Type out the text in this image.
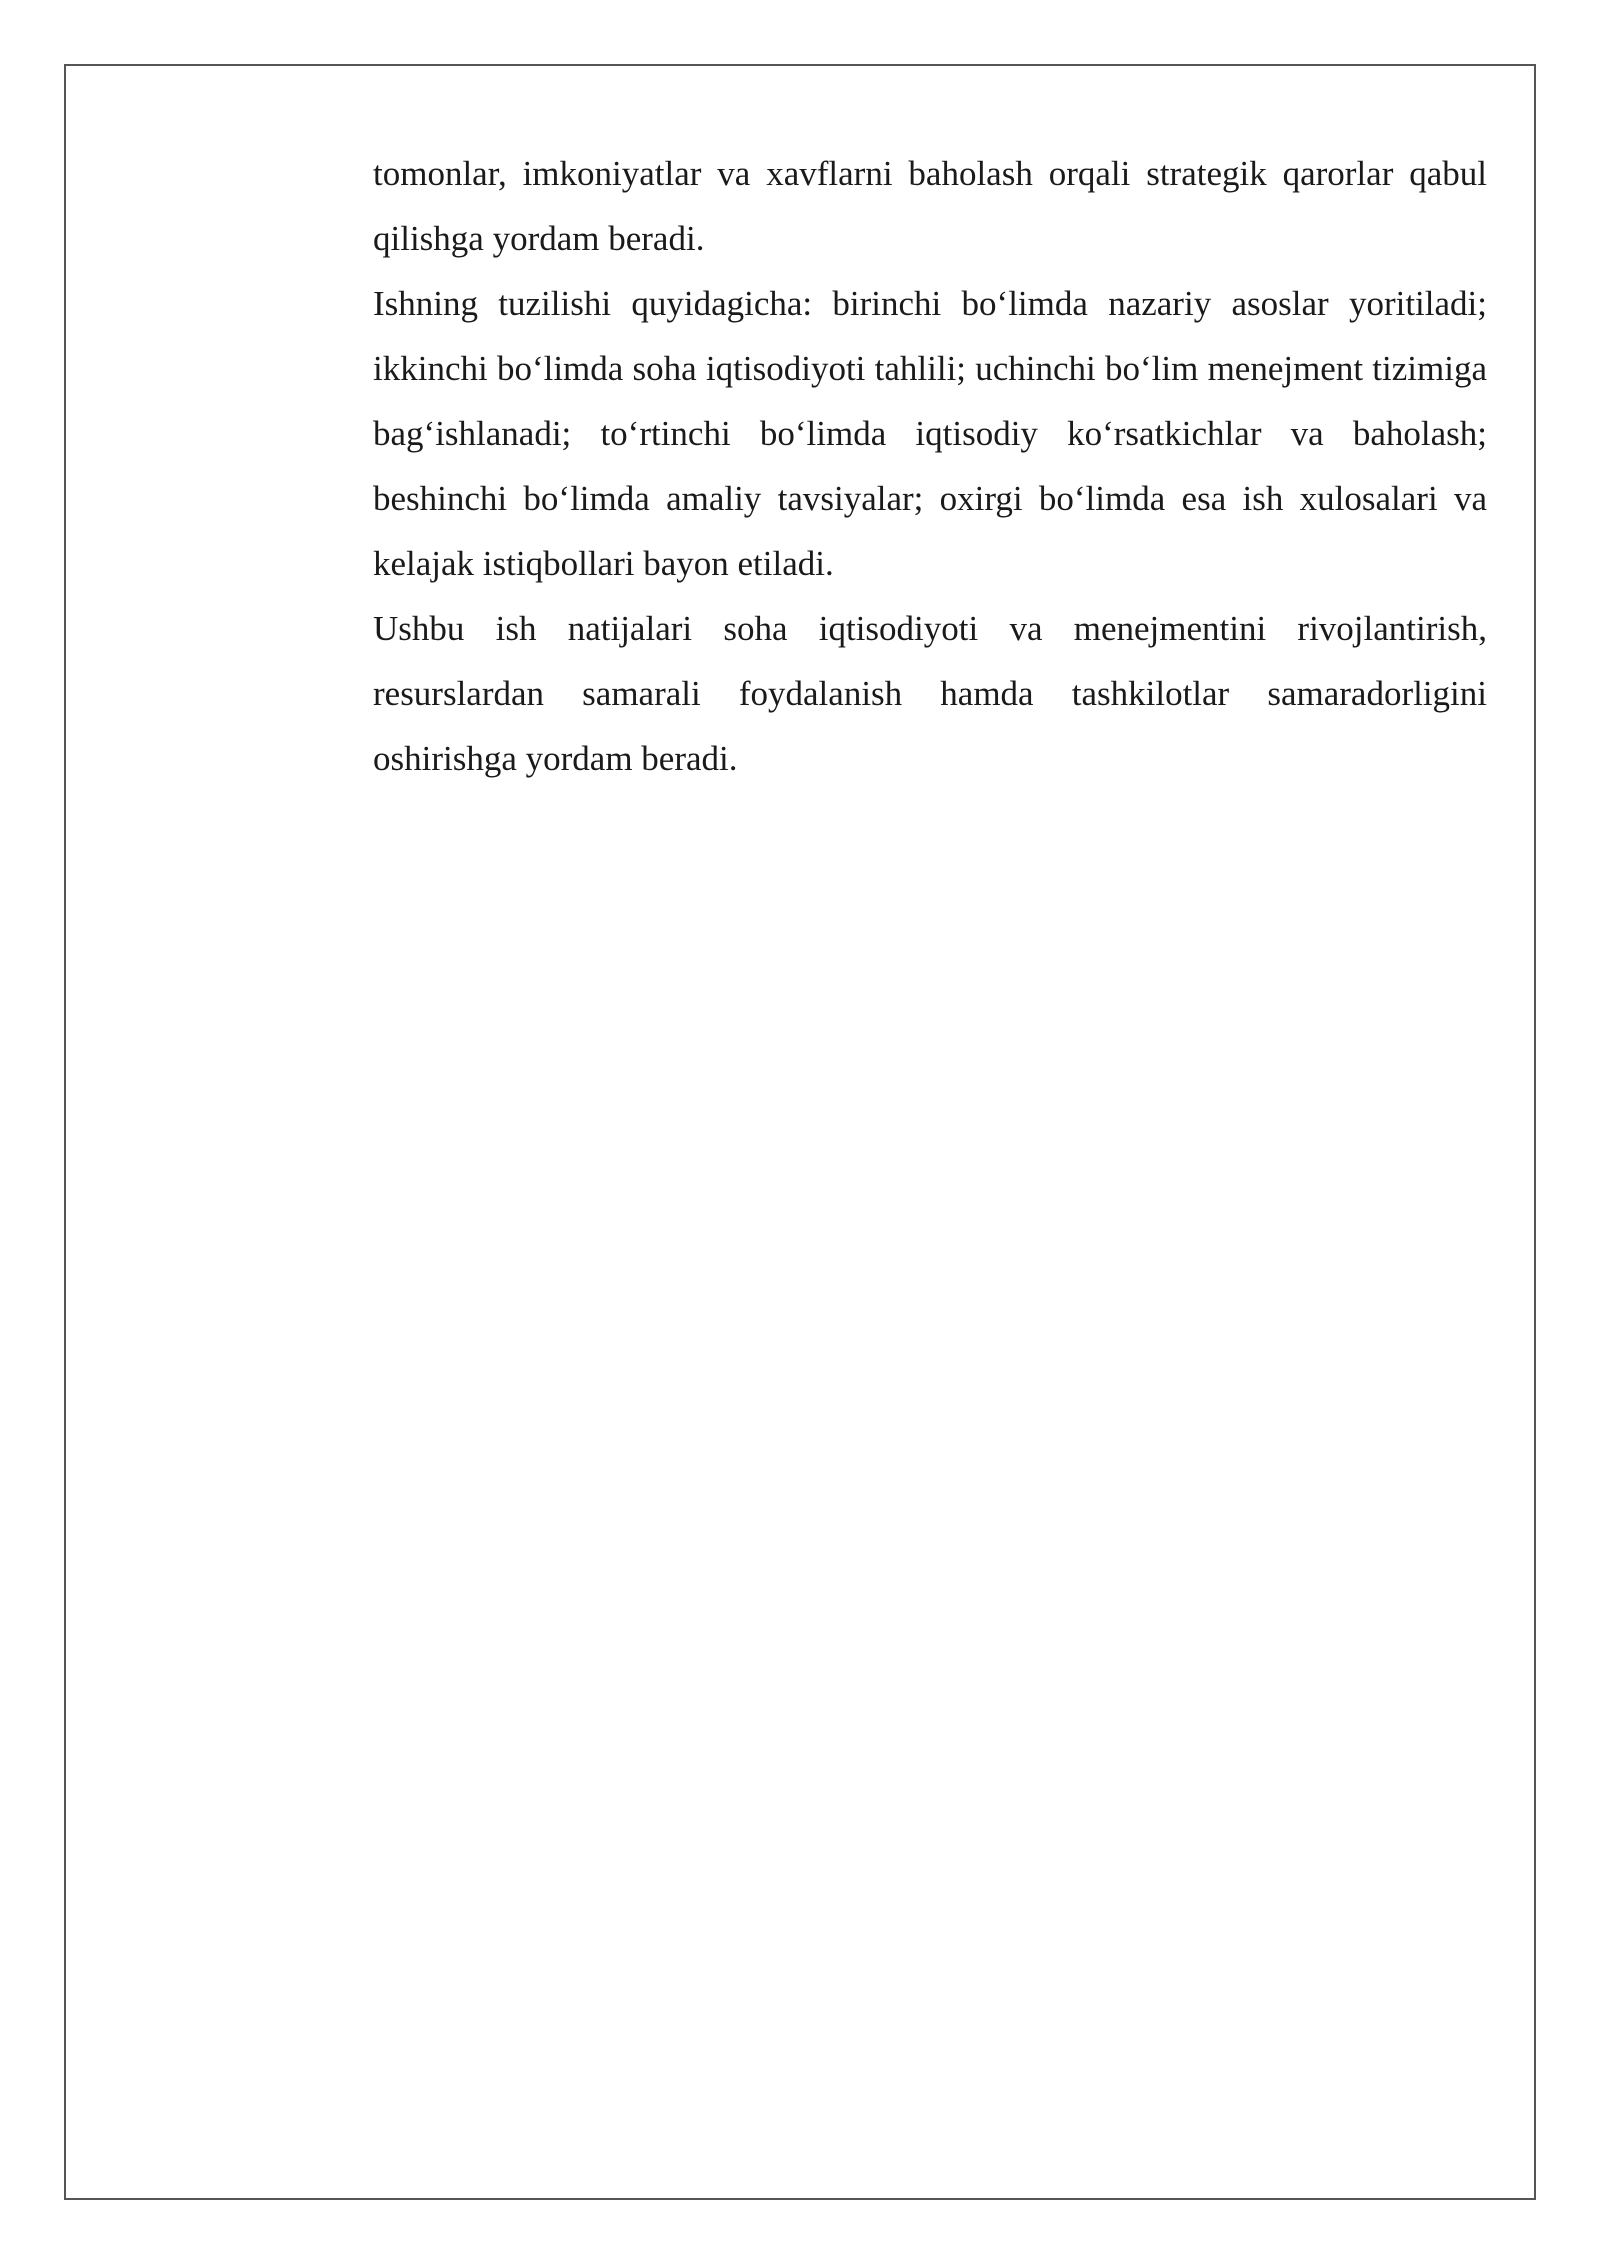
tomonlar, imkoniyatlar va xavflarni baholash orqali strategik qarorlar qabul qilishga yordam beradi.

Ishning tuzilishi quyidagicha: birinchi bo‘limda nazariy asoslar yoritiladi; ikkinchi bo‘limda soha iqtisodiyoti tahlili; uchinchi bo‘lim menejment tizimiga bag‘ishlanadi; to‘rtinchi bo‘limda iqtisodiy ko‘rsatkichlar va baholash; beshinchi bo‘limda amaliy tavsiyalar; oxirgi bo‘limda esa ish xulosalari va kelajak istiqbollari bayon etiladi.

Ushbu ish natijalari soha iqtisodiyoti va menejmentini rivojlantirish, resurslardan samarali foydalanish hamda tashkilotlar samaradorligini oshirishga yordam beradi.
